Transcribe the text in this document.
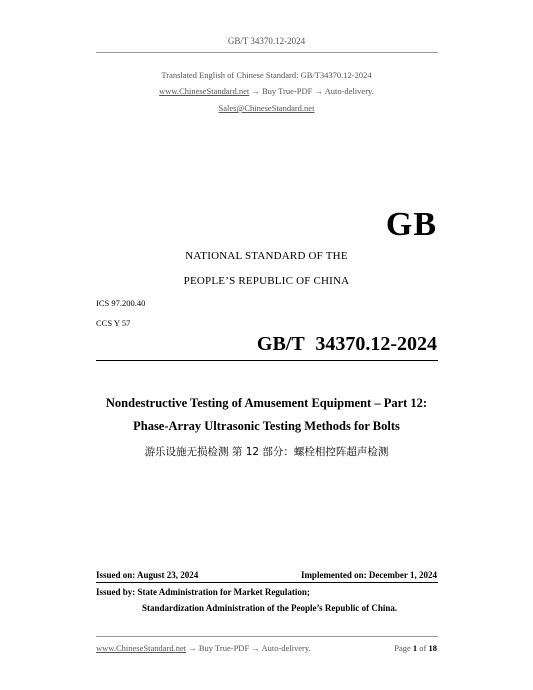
GB/T 34370.12-2024
Translated English of Chinese Standard: GB/T34370.12-2024
www.ChineseStandard.net → Buy True-PDF → Auto-delivery.
Sales@ChineseStandard.net
GB
NATIONAL STANDARD OF THE
PEOPLE’S REPUBLIC OF CHINA
ICS 97.200.40
CCS Y 57
GB/T 34370.12-2024
Nondestructive Testing of Amusement Equipment – Part 12:
Phase-Array Ultrasonic Testing Methods for Bolts
游乐设施无损检测 第 12 部分：螺栓相控阵超声检测
Issued on: August 23, 2024	Implemented on: December 1, 2024
Issued by: State Administration for Market Regulation;
Standardization Administration of the People’s Republic of China.
www.ChineseStandard.net → Buy True-PDF → Auto-delivery.	Page 1 of 18
